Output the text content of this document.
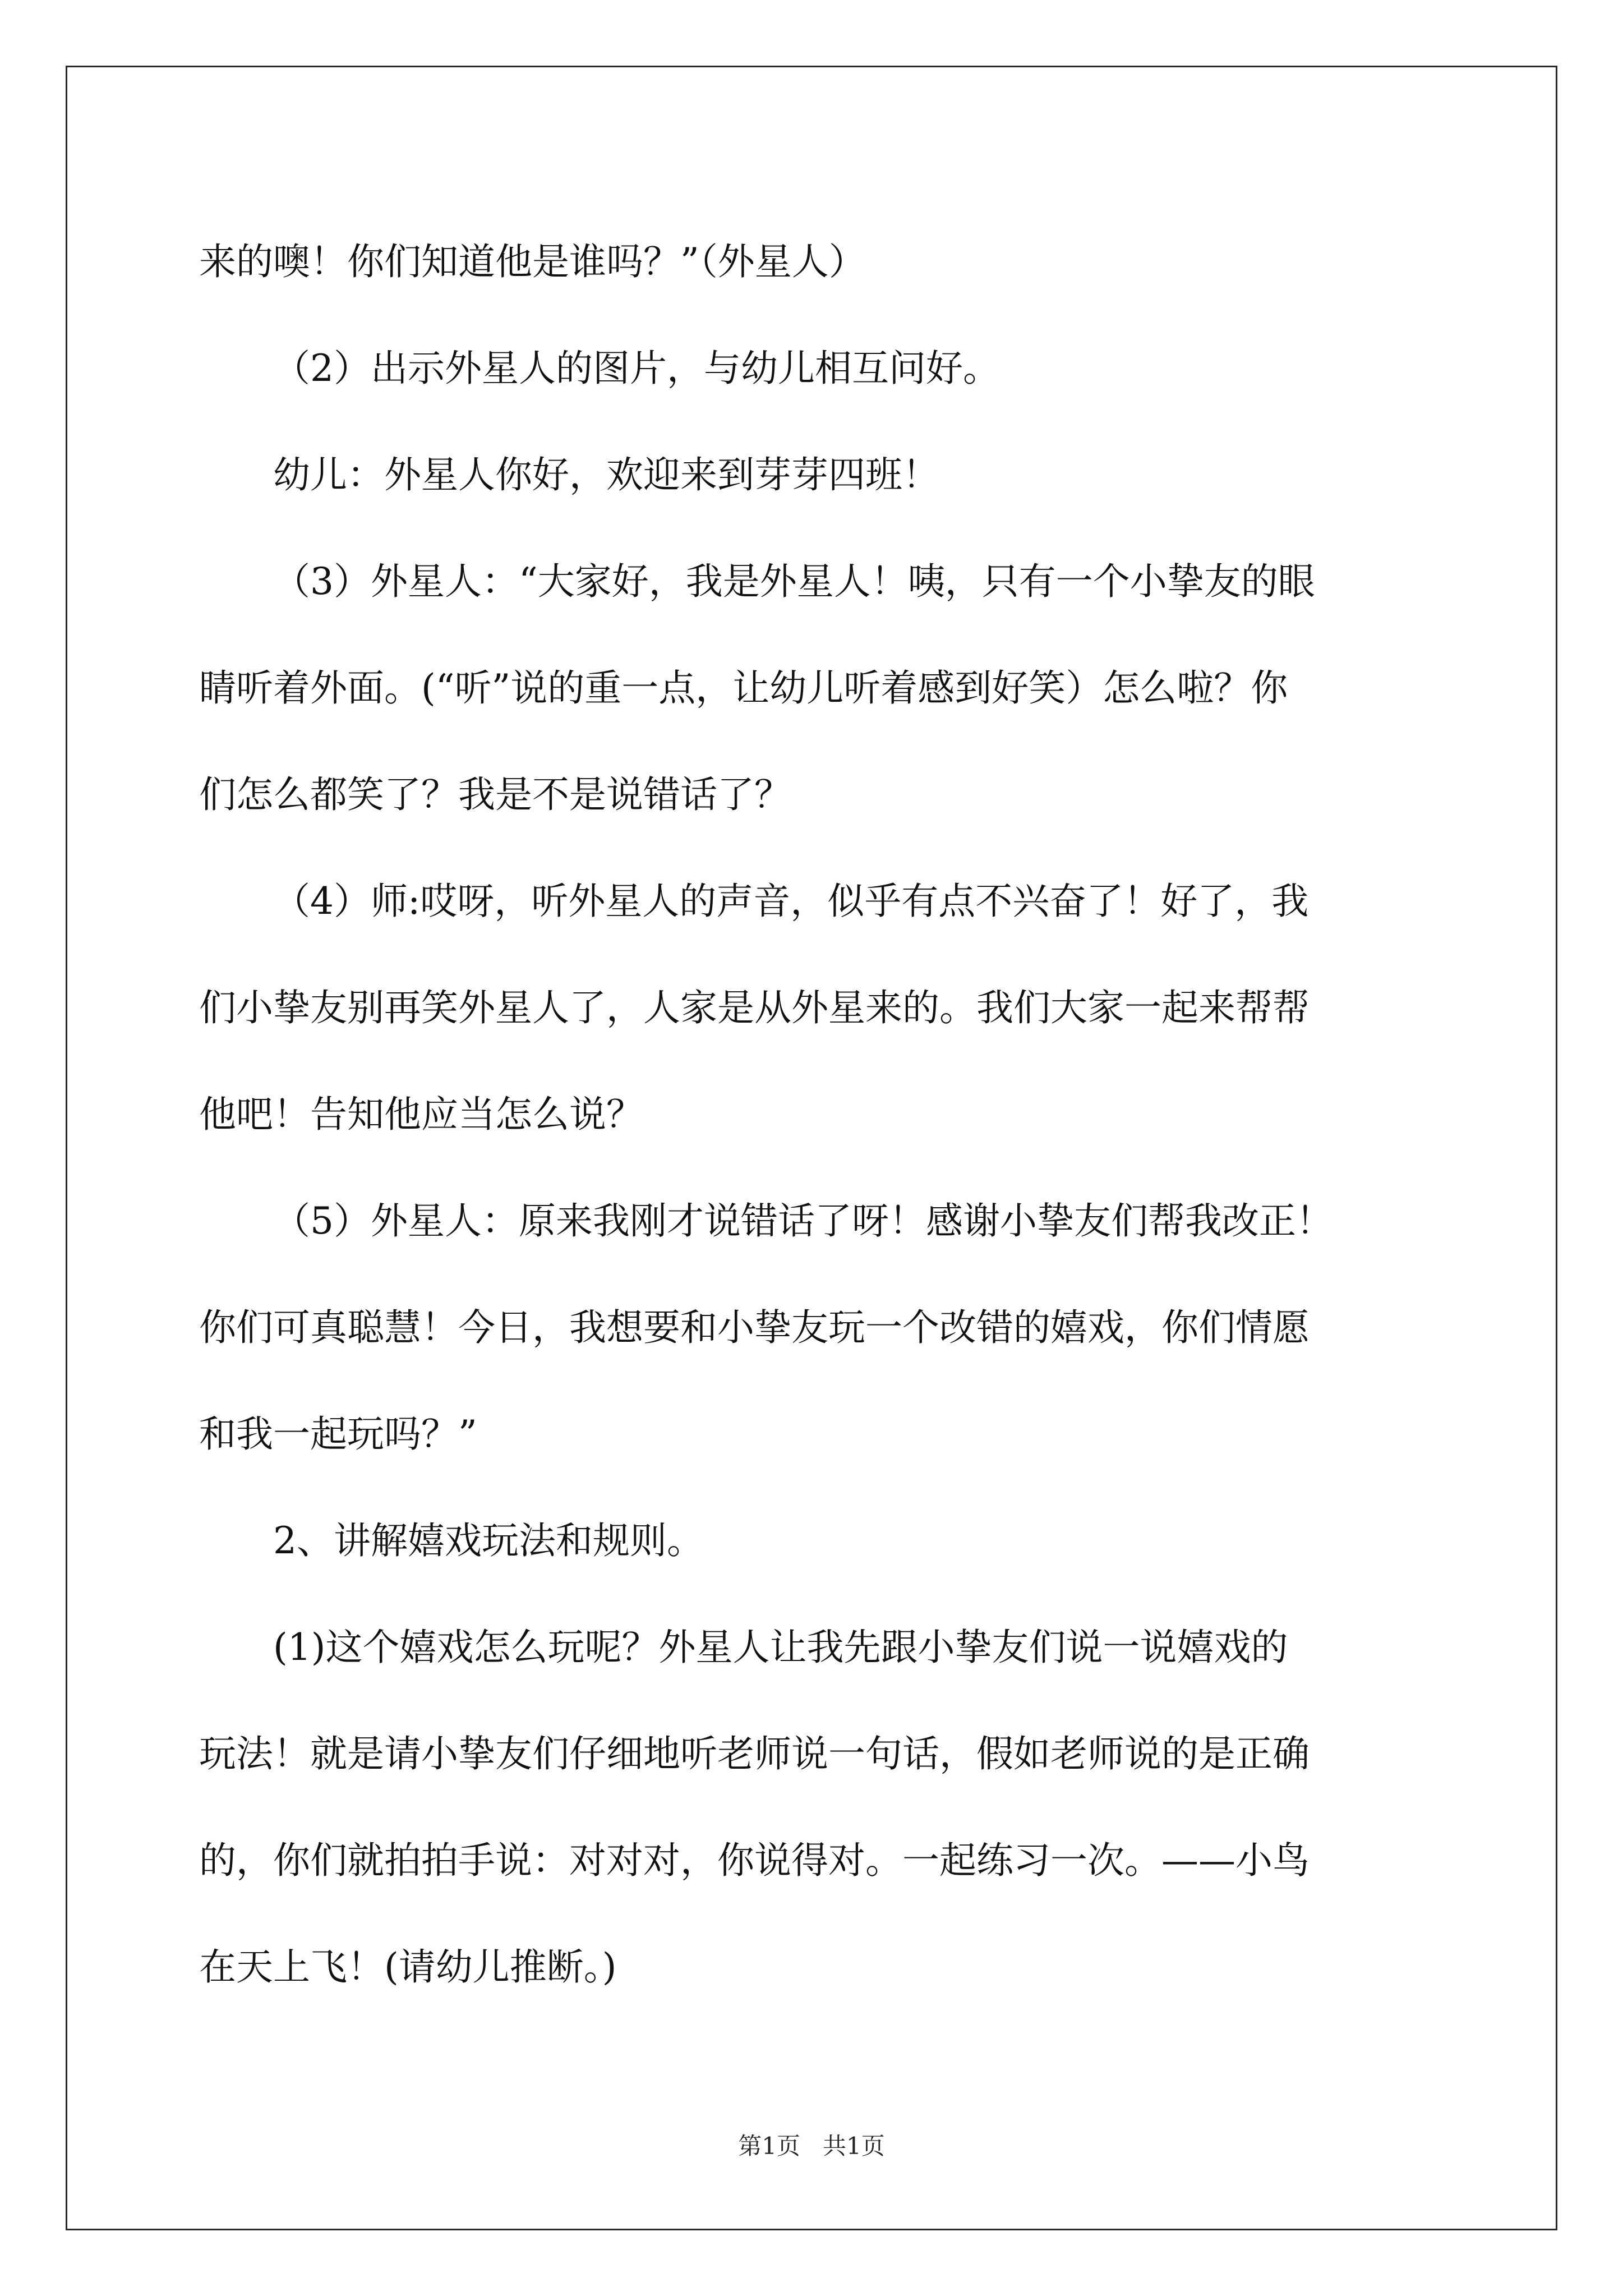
来的噢！你们知道他是谁吗？”（外星人）

（2）出示外星人的图片，与幼儿相互问好。

幼儿：外星人你好，欢迎来到芽芽四班！

（3）外星人：“大家好，我是外星人！咦，只有一个小挚友的眼
睛听着外面。(“听”说的重一点，让幼儿听着感到好笑）怎么啦？你
们怎么都笑了？我是不是说错话了？

（4）师:哎呀，听外星人的声音，似乎有点不兴奋了！好了，我
们小挚友别再笑外星人了，人家是从外星来的。我们大家一起来帮帮
他吧！告知他应当怎么说？

（5）外星人：原来我刚才说错话了呀！感谢小挚友们帮我改正！
你们可真聪慧！今日，我想要和小挚友玩一个改错的嬉戏，你们情愿
和我一起玩吗？”

2、讲解嬉戏玩法和规则。

(1)这个嬉戏怎么玩呢？外星人让我先跟小挚友们说一说嬉戏的
玩法！就是请小挚友们仔细地听老师说一句话，假如老师说的是正确
的，你们就拍拍手说：对对对，你说得对。一起练习一次。——小鸟
在天上飞！(请幼儿推断。)

第1页 共1页
